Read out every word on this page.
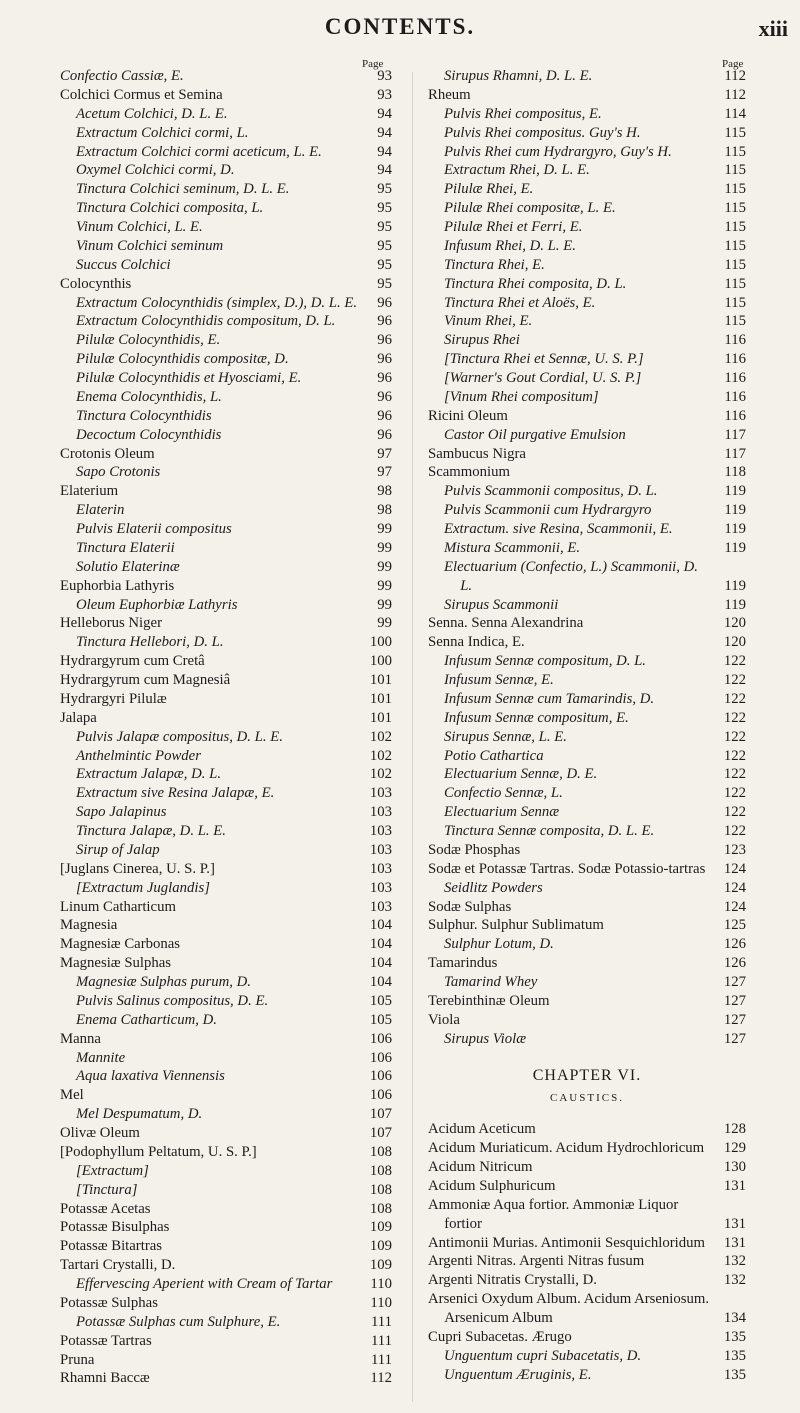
CONTENTS.	xiii
Page	Page
Confectio Cassiæ, E.	93
Colchici Cormus et Semina	93
Acetum Colchici, D. L. E.	94
Extractum Colchici cormi, L.	94
Extractum Colchici cormi aceticum, L. E.	94
Oxymel Colchici cormi, D.	94
Tinctura Colchici seminum, D. L. E.	95
Tinctura Colchici composita, L.	95
Vinum Colchici, L. E.	95
Vinum Colchici seminum	95
Succus Colchici	95
Colocynthis	95
Extractum Colocynthidis (simplex, D.), D. L. E.	96
Extractum Colocynthidis compositum, D. L.	96
Pilulæ Colocynthidis, E.	96
Pilulæ Colocynthidis compositæ, D.	96
Pilulæ Colocynthidis et Hyosciami, E.	96
Enema Colocynthidis, L.	96
Tinctura Colocynthidis	96
Decoctum Colocynthidis	96
Crotonis Oleum	97
Sapo Crotonis	97
Elaterium	98
Elaterin	98
Pulvis Elaterii compositus	99
Tinctura Elaterii	99
Solutio Elaterinæ	99
Euphorbia Lathyris	99
Oleum Euphorbiæ Lathyris	99
Helleborus Niger	99
Tinctura Hellebori, D. L.	100
Hydrargyrum cum Cretâ	100
Hydrargyrum cum Magnesiâ	101
Hydrargyri Pilulæ	101
Jalapa	101
Pulvis Jalapæ compositus, D. L. E.	102
Anthelmintic Powder	102
Extractum Jalapæ, D. L.	102
Extractum sive Resina Jalapæ, E.	103
Sapo Jalapinus	103
Tinctura Jalapæ, D. L. E.	103
Sirup of Jalap	103
[Juglans Cinerea, U. S. P.]	103
[Extractum Juglandis]	103
Linum Catharticum	103
Magnesia	104
Magnesiæ Carbonas	104
Magnesiæ Sulphas	104
Magnesiæ Sulphas purum, D.	104
Pulvis Salinus compositus, D. E.	105
Enema Catharticum, D.	105
Manna	106
Mannite	106
Aqua laxativa Viennensis	106
Mel	106
Mel Despumatum, D.	107
Olivæ Oleum	107
[Podophyllum Peltatum, U. S. P.]	108
[Extractum]	108
[Tinctura]	108
Potassæ Acetas	108
Potassæ Bisulphas	109
Potassæ Bitartras	109
Tartari Crystalli, D.	109
Effervescing Aperient with Cream of Tartar	110
Potassæ Sulphas	110
Potassæ Sulphas cum Sulphure, E.	111
Potassæ Tartras	111
Pruna	111
Rhamni Baccæ	112
Sirupus Rhamni, D. L. E.	112
Rheum	112
Pulvis Rhei compositus, E.	114
Pulvis Rhei compositus. Guy's H.	115
Pulvis Rhei cum Hydrargyro, Guy's H.	115
Extractum Rhei, D. L. E.	115
Pilulæ Rhei, E.	115
Pilulæ Rhei compositæ, L. E.	115
Pilulæ Rhei et Ferri, E.	115
Infusum Rhei, D. L. E.	115
Tinctura Rhei, E.	115
Tinctura Rhei composita, D. L.	115
Tinctura Rhei et Aloës, E.	115
Vinum Rhei, E.	115
Sirupus Rhei	116
[Tinctura Rhei et Sennæ, U. S. P.]	116
[Warner's Gout Cordial, U. S. P.]	116
[Vinum Rhei compositum]	116
Ricini Oleum	116
Castor Oil purgative Emulsion	117
Sambucus Nigra	117
Scammonium	118
Pulvis Scammonii compositus, D. L.	119
Pulvis Scammonii cum Hydrargyro	119
Extractum. sive Resina, Scammonii, E.	119
Mistura Scammonii, E.	119
Electuarium (Confectio, L.) Scammonii, D. L.	119
Sirupus Scammonii	119
Senna. Senna Alexandrina	120
Senna Indica, E.	120
Infusum Sennæ compositum, D. L.	122
Infusum Sennæ, E.	122
Infusum Sennæ cum Tamarindis, D.	122
Infusum Sennæ compositum, E.	122
Sirupus Sennæ, L. E.	122
Potio Cathartica	122
Electuarium Sennæ, D. E.	122
Confectio Sennæ, L.	122
Electuarium Sennæ	122
Tinctura Sennæ composita, D. L. E.	122
Sodæ Phosphas	123
Sodæ et Potassæ Tartras. Sodæ Potassio-tartras	124
Seidlitz Powders	124
Sodæ Sulphas	124
Sulphur. Sulphur Sublimatum	125
Sulphur Lotum, D.	126
Tamarindus	126
Tamarind Whey	127
Terebinthinæ Oleum	127
Viola	127
Sirupus Violæ	127
CHAPTER VI.
CAUSTICS.
Acidum Aceticum	128
Acidum Muriaticum. Acidum Hydrochloricum	129
Acidum Nitricum	130
Acidum Sulphuricum	131
Ammoniæ Aqua fortior. Ammoniæ Liquor fortior	131
Antimonii Murias. Antimonii Sesquichloridum	131
Argenti Nitras. Argenti Nitras fusum	132
Argenti Nitratis Crystalli, D.	132
Arsenici Oxydum Album. Acidum Arseniosum. Arsenicum Album	134
Cupri Subacetas. Ærugo	135
Unguentum cupri Subacetatis, D.	135
Unguentum Æruginis, E.	135
